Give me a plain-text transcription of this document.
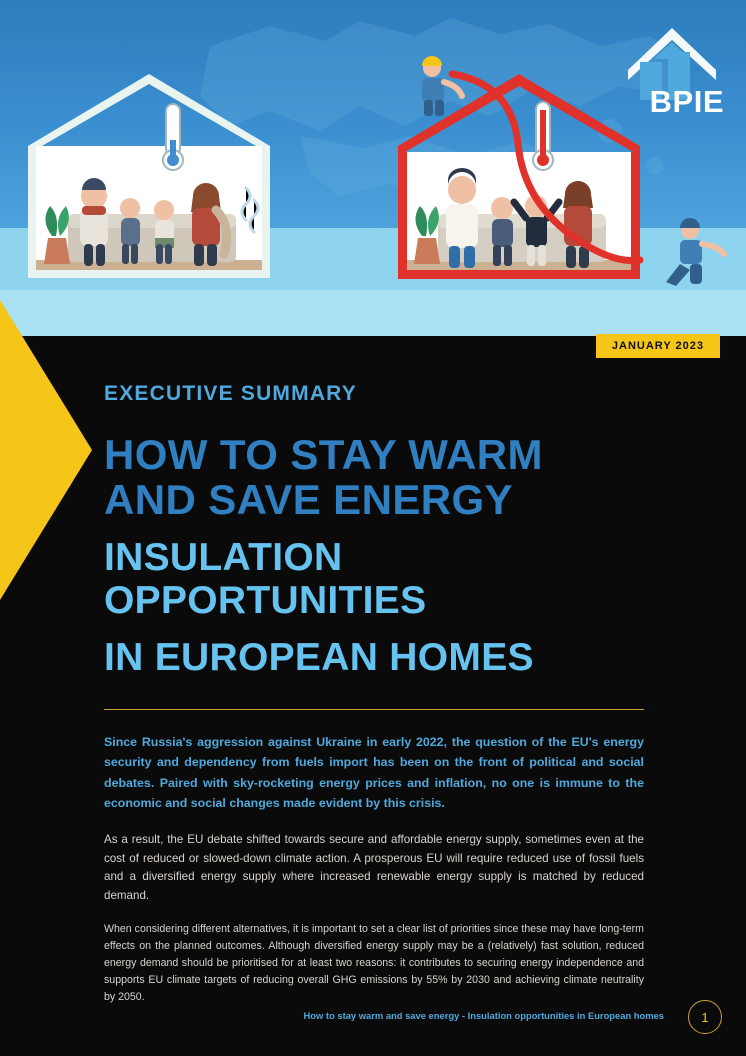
BPIE
JANUARY 2023
EXECUTIVE SUMMARY
HOW TO STAY WARM
AND SAVE ENERGY
INSULATION OPPORTUNITIES
IN EUROPEAN HOMES

Since Russia's aggression against Ukraine in early 2022, the question of the EU's energy security and dependency from fuels import has been on the front of political and social debates. Paired with sky-rocketing energy prices and inflation, no one is immune to the economic and social changes made evident by this crisis.

As a result, the EU debate shifted towards secure and affordable energy supply, sometimes even at the cost of reduced or slowed-down climate action. A prosperous EU will require reduced use of fossil fuels and a diversified energy supply where increased renewable energy supply is matched by reduced demand.

When considering different alternatives, it is important to set a clear list of priorities since these may have long-term effects on the planned outcomes. Although diversified energy supply may be a (relatively) fast solution, reduced energy demand should be prioritised for at least two reasons: it contributes to securing energy independence and supports EU climate targets of reducing overall GHG emissions by 55% by 2030 and achieving climate neutrality by 2050.

How to stay warm and save energy - Insulation opportunities in European homes	1
